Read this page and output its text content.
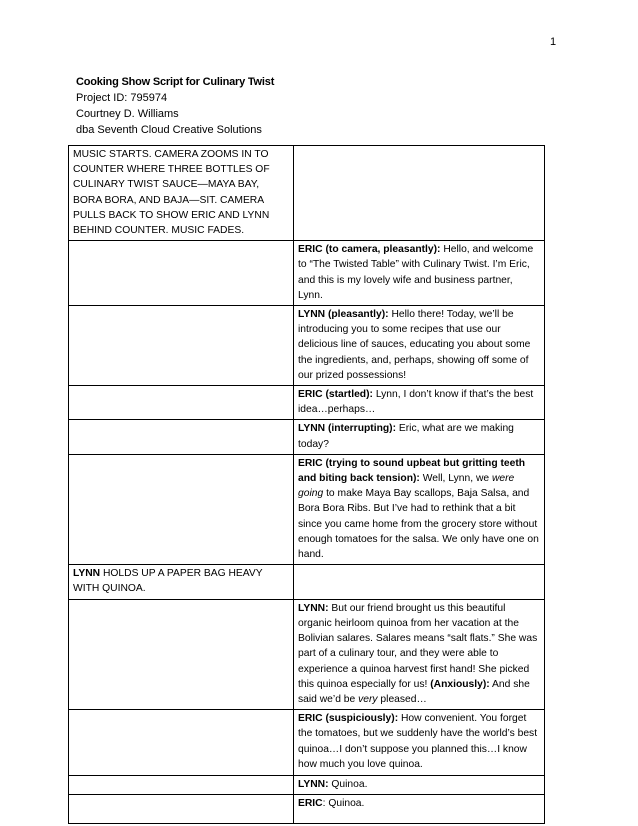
1
Cooking Show Script for Culinary Twist
Project ID: 795974
Courtney D. Williams
dba Seventh Cloud Creative Solutions
MUSIC STARTS. CAMERA ZOOMS IN TO COUNTER WHERE THREE BOTTLES OF CULINARY TWIST SAUCE—MAYA BAY, BORA BORA, AND BAJA—SIT. CAMERA PULLS BACK TO SHOW ERIC AND LYNN BEHIND COUNTER. MUSIC FADES.	
	ERIC (to camera, pleasantly): Hello, and welcome to “The Twisted Table” with Culinary Twist. I’m Eric, and this is my lovely wife and business partner, Lynn.
	LYNN (pleasantly): Hello there! Today, we’ll be introducing you to some recipes that use our delicious line of sauces, educating you about some the ingredients, and, perhaps, showing off some of our prized possessions!
	ERIC (startled): Lynn, I don’t know if that’s the best idea…perhaps…
	LYNN (interrupting): Eric, what are we making today?
	ERIC (trying to sound upbeat but gritting teeth and biting back tension): Well, Lynn, we were going to make Maya Bay scallops, Baja Salsa, and Bora Bora Ribs. But I’ve had to rethink that a bit since you came home from the grocery store without enough tomatoes for the salsa. We only have one on hand.
LYNN HOLDS UP A PAPER BAG HEAVY WITH QUINOA.	
	LYNN: But our friend brought us this beautiful organic heirloom quinoa from her vacation at the Bolivian salares. Salares means “salt flats.” She was part of a culinary tour, and they were able to experience a quinoa harvest first hand! She picked this quinoa especially for us! (Anxiously): And she said we’d be very pleased…
	ERIC (suspiciously): How convenient. You forget the tomatoes, but we suddenly have the world’s best quinoa…I don’t suppose you planned this…I know how much you love quinoa.
	LYNN: Quinoa.
	ERIC: Quinoa.
